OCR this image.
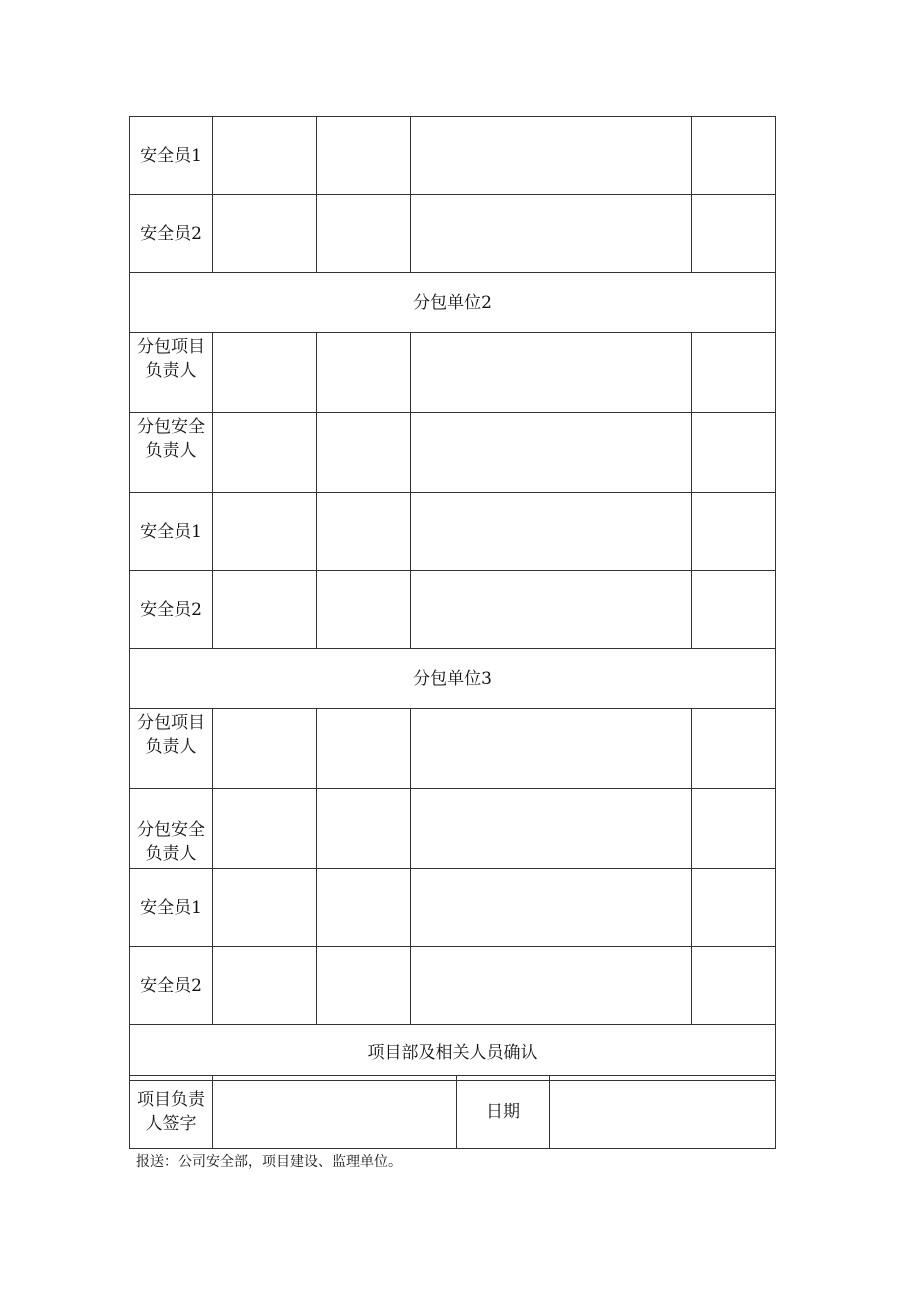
安全员1				
安全员2				
分包单位2				
分包项目负责人				
分包安全负责人				
安全员1				
安全员2				
分包单位3				
分包项目负责人				
分包安全负责人				
安全员1				
安全员2				
项目部及相关人员确认				
项目负责人签字		日期	
报送：公司安全部，项目建设、监理单位。
